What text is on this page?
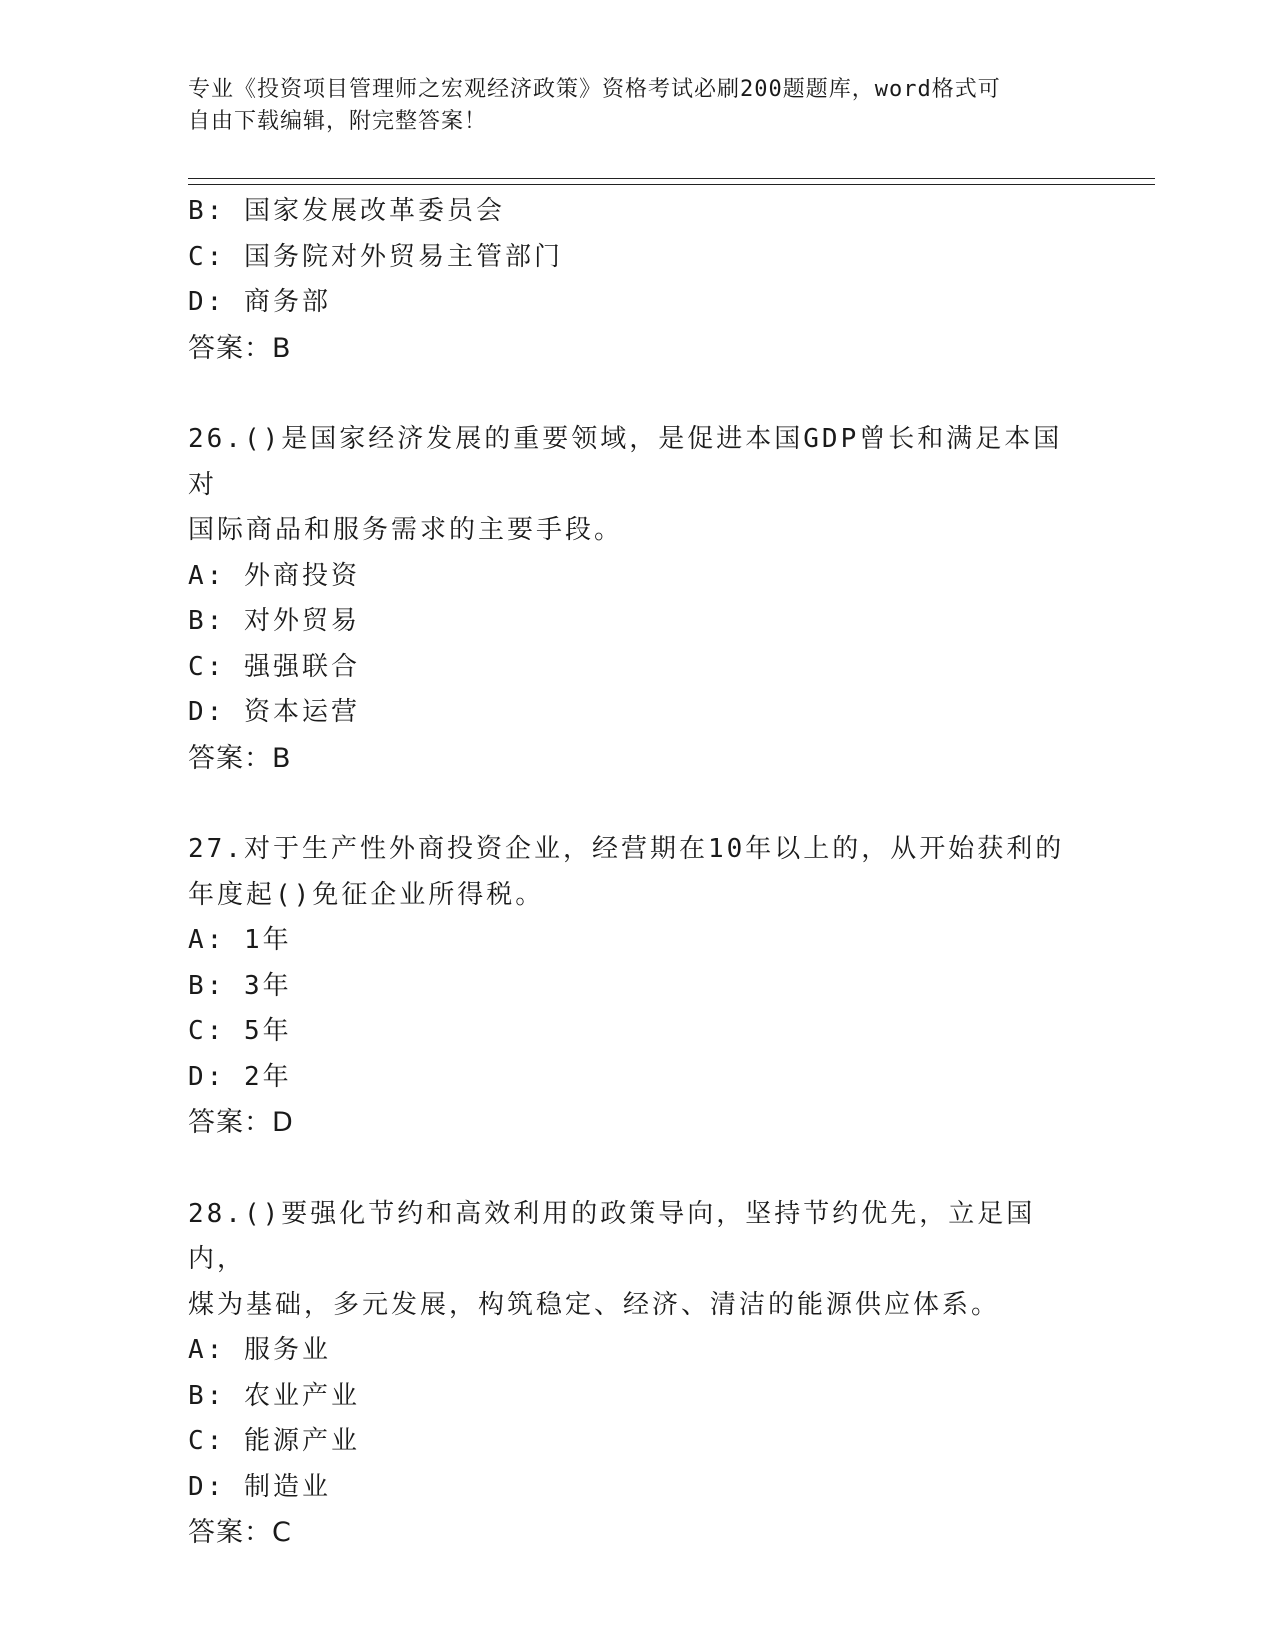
专业《投资项目管理师之宏观经济政策》资格考试必刷200题题库，word格式可
自由下载编辑，附完整答案！
B: 国家发展改革委员会
C: 国务院对外贸易主管部门
D: 商务部
答案：B
26.()是国家经济发展的重要领域，是促进本国GDP曾长和满足本国对
国际商品和服务需求的主要手段。
A: 外商投资
B: 对外贸易
C: 强强联合
D: 资本运营
答案：B
27.对于生产性外商投资企业，经营期在10年以上的，从开始获利的
年度起()免征企业所得税。
A: 1年
B: 3年
C: 5年
D: 2年
答案：D
28.()要强化节约和高效利用的政策导向，坚持节约优先，立足国内，
煤为基础，多元发展，构筑稳定、经济、清洁的能源供应体系。
A: 服务业
B: 农业产业
C: 能源产业
D: 制造业
答案：C
